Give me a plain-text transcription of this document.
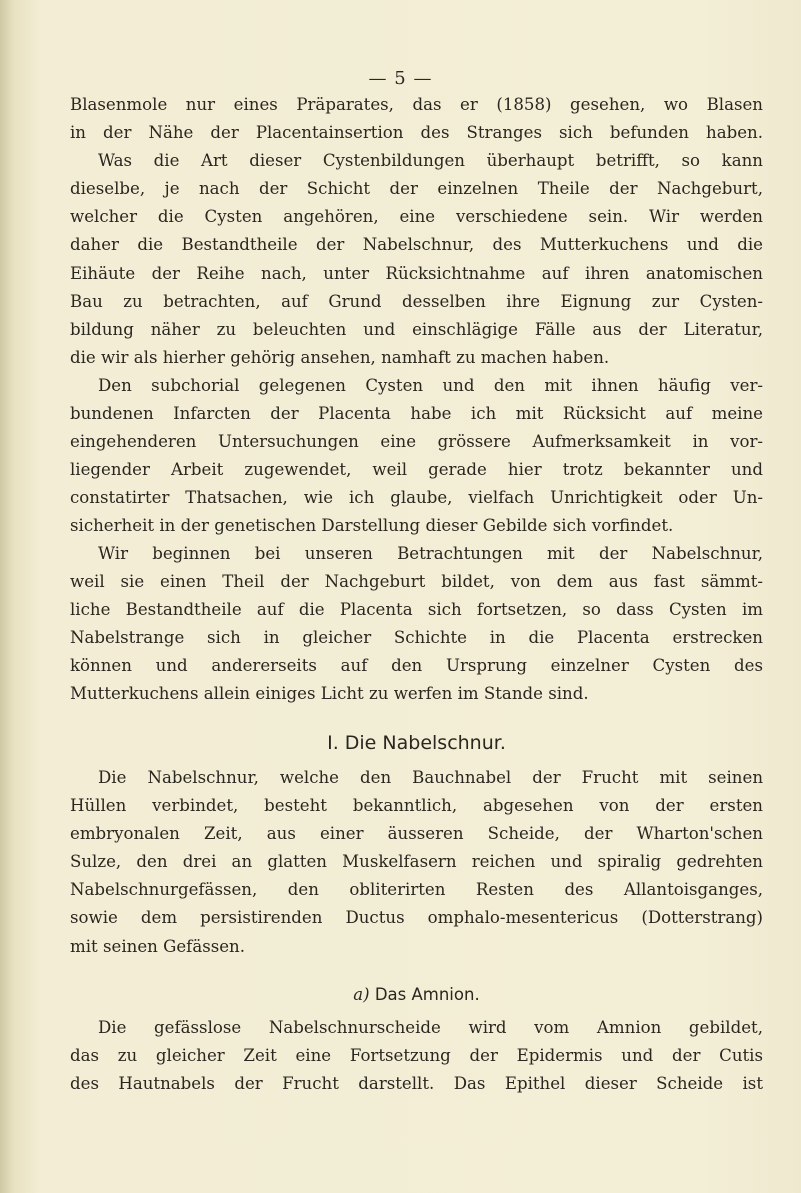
— 5 —
Blasenmole nur eines Präparates, das er (1858) gesehen, wo Blasen
in der Nähe der Placentainsertion des Stranges sich befunden haben.
Was die Art dieser Cystenbildungen überhaupt betrifft, so kann
dieselbe, je nach der Schicht der einzelnen Theile der Nachgeburt,
welcher die Cysten angehören, eine verschiedene sein. Wir werden
daher die Bestandtheile der Nabelschnur, des Mutterkuchens und die
Eihäute der Reihe nach, unter Rücksichtnahme auf ihren anatomischen
Bau zu betrachten, auf Grund desselben ihre Eignung zur Cysten-
bildung näher zu beleuchten und einschlägige Fälle aus der Literatur,
die wir als hierher gehörig ansehen, namhaft zu machen haben.
Den subchorial gelegenen Cysten und den mit ihnen häufig ver-
bundenen Infarcten der Placenta habe ich mit Rücksicht auf meine
eingehenderen Untersuchungen eine grössere Aufmerksamkeit in vor-
liegender Arbeit zugewendet, weil gerade hier trotz bekannter und
constatirter Thatsachen, wie ich glaube, vielfach Unrichtigkeit oder Un-
sicherheit in der genetischen Darstellung dieser Gebilde sich vorfindet.
Wir beginnen bei unseren Betrachtungen mit der Nabelschnur,
weil sie einen Theil der Nachgeburt bildet, von dem aus fast sämmt-
liche Bestandtheile auf die Placenta sich fortsetzen, so dass Cysten im
Nabelstrange sich in gleicher Schichte in die Placenta erstrecken
können und andererseits auf den Ursprung einzelner Cysten des
Mutterkuchens allein einiges Licht zu werfen im Stande sind.
I. Die Nabelschnur.
Die Nabelschnur, welche den Bauchnabel der Frucht mit seinen
Hüllen verbindet, besteht bekanntlich, abgesehen von der ersten
embryonalen Zeit, aus einer äusseren Scheide, der Wharton'schen
Sulze, den drei an glatten Muskelfasern reichen und spiralig gedrehten
Nabelschnurgefässen, den obliterirten Resten des Allantoisganges,
sowie dem persistirenden Ductus omphalo-mesentericus (Dotterstrang)
mit seinen Gefässen.
a) Das Amnion.
Die gefässlose Nabelschnurscheide wird vom Amnion gebildet,
das zu gleicher Zeit eine Fortsetzung der Epidermis und der Cutis
des Hautnabels der Frucht darstellt. Das Epithel dieser Scheide ist
